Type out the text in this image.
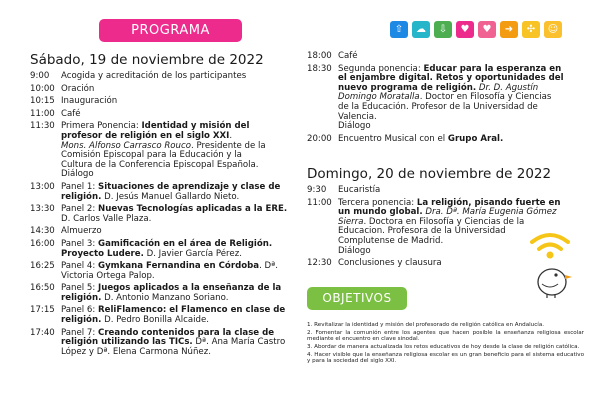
PROGRAMA
Sábado, 19 de noviembre de 2022
9:00	Acogida y acreditación de los participantes
10:00 Oración
10:15 Inauguración
11:00 Café
11:30 Primera Ponencia: Identidad y misión del
profesor de religión en el siglo XXI.
Mons. Alfonso Carrasco Rouco. Presidente de la
Comisión Episcopal para la Educación y la
Cultura de la Conferencia Episcopal Española.
Diálogo
13:00 Panel 1: Situaciones de aprendizaje y clase de
religión. D. Jesús Manuel Gallardo Nieto.
13:30 Panel 2: Nuevas Tecnologías aplicadas a la ERE.
D. Carlos Valle Plaza.
14:30 Almuerzo
16:00 Panel 3: Gamificación en el área de Religión.
Proyecto Ludere. D. Javier García Pérez.
16:25 Panel 4: Gymkana Fernandina en Córdoba. Dª.
Victoria Ortega Palop.
16:50 Panel 5: Juegos aplicados a la enseñanza de la
religión. D. Antonio Manzano Soriano.
17:15 Panel 6: ReliFlamenco: el Flamenco en clase de
religión. D. Pedro Bonilla Alcaide.
17:40 Panel 7: Creando contenidos para la clase de
religión utilizando las TICs. Dª. Ana María Castro
López y Dª. Elena Carmona Núñez.
⇧	☁	⇩	♥	♥	➜	✣	☺
18:00 Café
18:30 Segunda ponencia: Educar para la esperanza en
el enjambre digital. Retos y oportunidades del
nuevo programa de religión. Dr. D. Agustín
Domingo Moratalla. Doctor en Filosofía y Ciencias
de la Educación. Profesor de la Universidad de
Valencia.
Diálogo
20:00 Encuentro Musical con el Grupo Aral.
Domingo, 20 de noviembre de 2022
9:30	Eucaristía
11:00 Tercera ponencia: La religión, pisando fuerte en
un mundo global. Dra. Dª. María Eugenia Gómez
Sierra. Doctora en Filosofía y Ciencias de la
Educacion. Profesora de la Universidad
Complutense de Madrid.
Diálogo
12:30 Conclusiones y clausura
OBJETIVOS
1. Revitalizar la identidad y misión del profesorado de religión católica en Andalucía.
2. Fomentar la comunión entre los agentes que hacen posible la enseñanza religiosa escolar mediante el encuentro en clave sinodal.
3. Abordar de manera actualizada los retos educativos de hoy desde la clase de religión católica.
4. Hacer visible que la enseñanza religiosa escolar es un gran beneficio para el sistema educativo y para la sociedad del siglo XXI.
